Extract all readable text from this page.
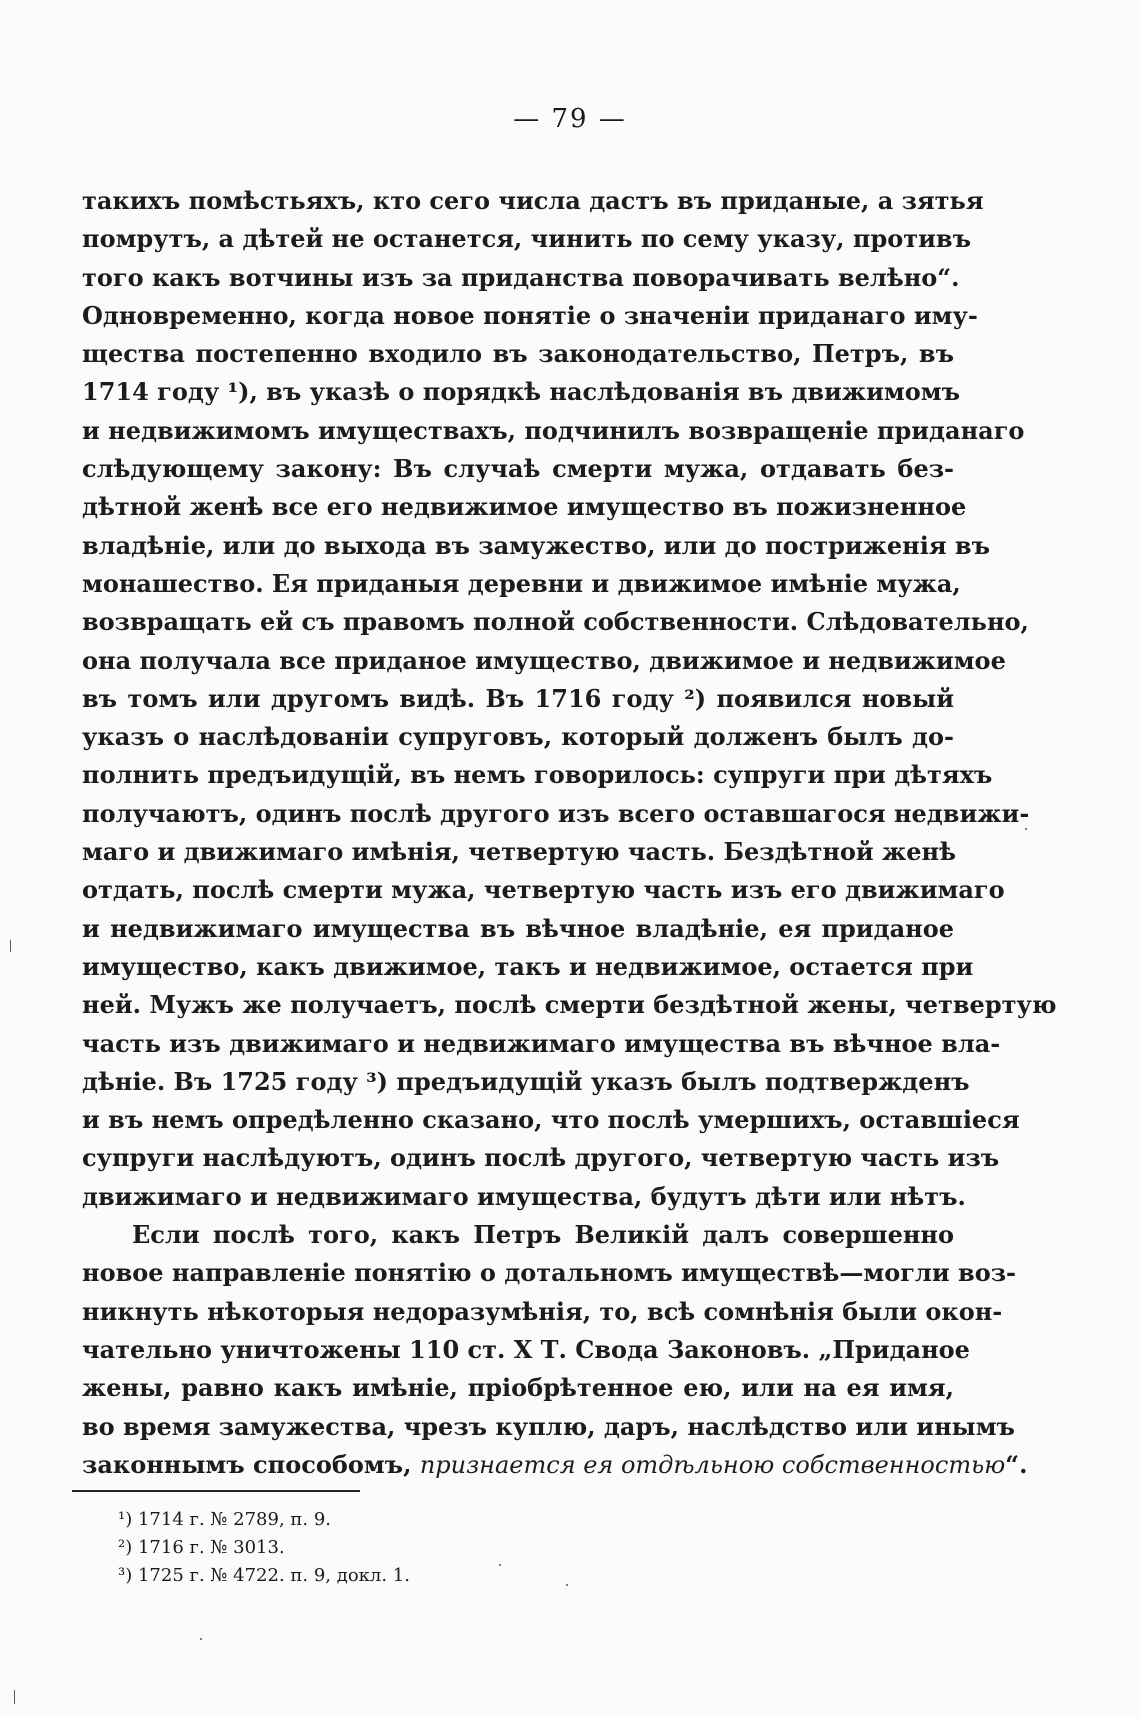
— 79 —
такихъ помѣстьяхъ, кто сего числа дастъ въ приданые, а зятья
помрутъ, а дѣтей не останется, чинить по сему указу, противъ
того какъ вотчины изъ за приданства поворачивать велѣно“.
Одновременно, когда новое понятіе о значеніи приданаго иму-
щества постепенно входило въ законодательство, Петръ, въ
1714 году ¹), въ указѣ о порядкѣ наслѣдованія въ движимомъ
и недвижимомъ имуществахъ, подчинилъ возвращеніе приданаго
слѣдующему закону: Въ случаѣ смерти мужа, отдавать без-
дѣтной женѣ все его недвижимое имущество въ пожизненное
владѣніе, или до выхода въ замужество, или до постриженія въ
монашество. Ея приданыя деревни и движимое имѣніе мужа,
возвращать ей съ правомъ полной собственности. Слѣдовательно,
она получала все приданое имущество, движимое и недвижимое
въ томъ или другомъ видѣ. Въ 1716 году ²) появился новый
указъ о наслѣдованіи супруговъ, который долженъ былъ до-
полнить предъидущій, въ немъ говорилось: супруги при дѣтяхъ
получаютъ, одинъ послѣ другого изъ всего оставшагося недвижи-
маго и движимаго имѣнія, четвертую часть. Бездѣтной женѣ
отдать, послѣ смерти мужа, четвертую часть изъ его движимаго
и недвижимаго имущества въ вѣчное владѣніе, ея приданое
имущество, какъ движимое, такъ и недвижимое, остается при
ней. Мужъ же получаетъ, послѣ смерти бездѣтной жены, четвертую
часть изъ движимаго и недвижимаго имущества въ вѣчное вла-
дѣніе. Въ 1725 году ³) предъидущій указъ былъ подтвержденъ
и въ немъ опредѣленно сказано, что послѣ умершихъ, оставшіеся
супруги наслѣдуютъ, одинъ послѣ другого, четвертую часть изъ
движимаго и недвижимаго имущества, будутъ дѣти или нѣтъ.
Если послѣ того, какъ Петръ Великій далъ совершенно
новое направленіе понятію о дотальномъ имуществѣ—могли воз-
никнуть нѣкоторыя недоразумѣнія, то, всѣ сомнѣнія были окон-
чательно уничтожены 110 ст. X Т. Свода Законовъ. „Приданое
жены, равно какъ имѣніе, пріобрѣтенное ею, или на ея имя,
во время замужества, чрезъ куплю, даръ, наслѣдство или инымъ
законнымъ способомъ, признается ея отдѣльною собственностью“.
¹) 1714 г. № 2789, п. 9.
²) 1716 г. № 3013.
³) 1725 г. № 4722. п. 9, докл. 1.
